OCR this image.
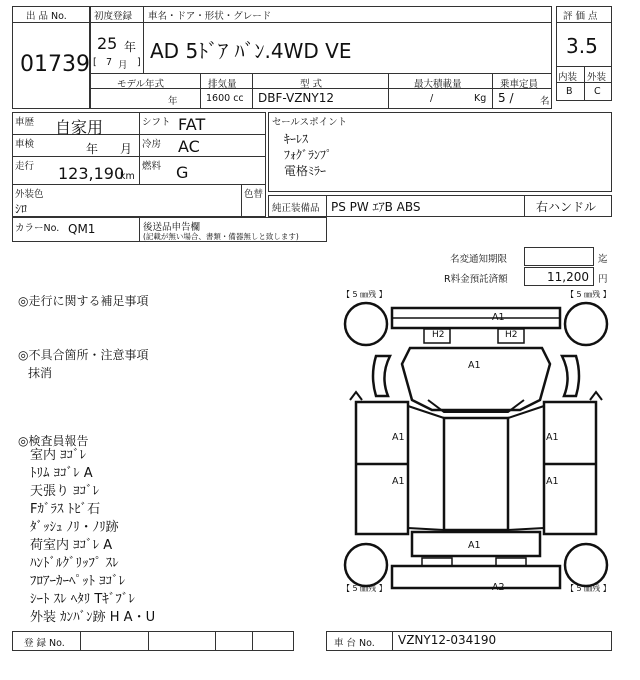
出 品 No.
01739
初度登録 車名・ドア・形状・グレード
25 年
[ 7 月 ] AD 5ﾄﾞｱ ﾊﾞﾝ.4WD VE
モデル年式	排気量	型 式	最大積載量	乗車定員
年	1600 cc DBF-VZNY12	/	Kg 5 /	名
評 価 点
3.5
内装 外装
B C
車歴 自家用	シフト FAT
車検	年 月 冷房 AC
走行 123,190
km
燃料 G
外装色
ｼﾛ
色替
セールスポイント
ｷｰﾚｽ
ﾌｫｸﾞﾗﾝﾌﾟ
電格ﾐﾗｰ
純正装備品 PS PW ｴｱB ABS	右ハンドル
カラーNo. QM1	後送品申告欄
(記載が無い場合、書類・備器無しと致します)
名変通知期限	迄
R料金預託済額	11,200 円
◎走行に関する補足事項
◎不具合箇所・注意事項
抹消
◎検査員報告
室内 ﾖｺﾞﾚ
ﾄﾘﾑ ﾖｺﾞﾚ A
天張り ﾖｺﾞﾚ
Fｶﾞﾗｽ ﾄﾋﾞ石
ﾀﾞｯｼｭ ﾉﾘ・ﾉﾘ跡
荷室内 ﾖｺﾞﾚ A
ﾊﾝﾄﾞﾙｸﾞﾘｯﾌﾟ ｽﾚ
ﾌﾛｱｰｶｰﾍﾟｯﾄ ﾖｺﾞﾚ
ｼｰﾄ ｽﾚ ﾍﾀﾘ Tｷﾞﾌﾞﾚ
外装 ｶﾝﾊﾞﾝ跡 H A・U
【 5 ㎜残 】	【 5 ㎜残 】
【 5 ㎜残 】	【 5 ㎜残 】
A1
H2	H2
A1
A1	A1
A1	A1
A1
A2
登 録 No.	車 台 No. VZNY12-034190
